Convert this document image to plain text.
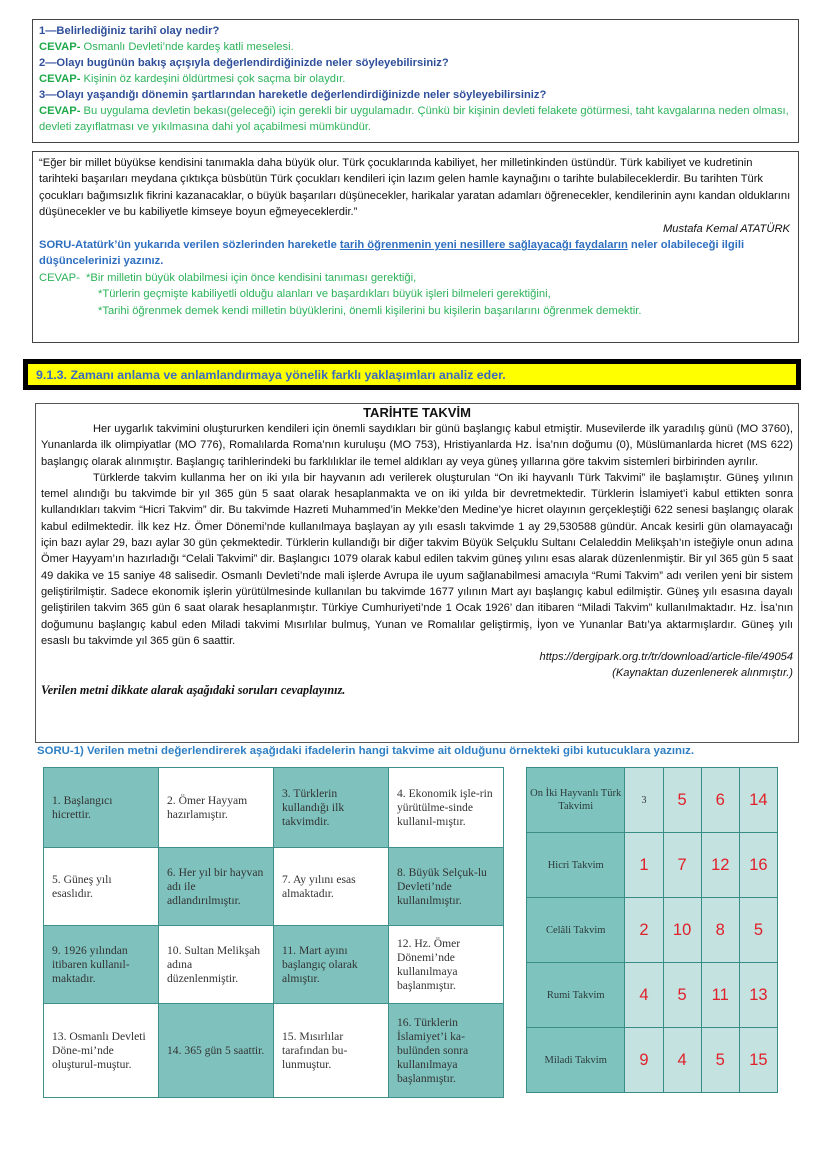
1—Belirlediğiniz tarihî olay nedir?
CEVAP- Osmanlı Devleti’nde kardeş katli meselesi.
2—Olayı bugünün bakış açışıyla değerlendirdiğinizde neler söyleyebilirsiniz?
CEVAP- Kişinin öz kardeşini öldürtmesi çok saçma bir olaydır.
3—Olayı yaşandığı dönemin şartlarından hareketle değerlendirdiğinizde neler söyleyebilirsiniz?
CEVAP- Bu uygulama devletin bekası(geleceği) için gerekli bir uygulamadır. Çünkü bir kişinin devleti felakete götürmesi, taht kavgalarına neden olması, devleti zayıflatması ve yıkılmasına dahi yol açabilmesi mümkündür.
“Eğer bir millet büyükse kendisini tanımakla daha büyük olur. Türk çocuklarında kabiliyet, her milletinkinden üstündür. Türk kabiliyet ve kudretinin tarihteki başarıları meydana çıktıkça büsbütün Türk çocukları kendileri için lazım gelen hamle kaynağını o tarihte bulabileceklerdir. Bu tarihten Türk çocukları bağımsızlık fikrini kazanacaklar, o büyük başarıları düşünecekler, harikalar yaratan adamları öğrenecekler, kendilerinin aynı kandan olduklarını düşünecekler ve bu kabiliyetle kimseye boyun eğmeyeceklerdir.”
Mustafa Kemal ATATÜRK
SORU-Atatürk’ün yukarıda verilen sözlerinden hareketle tarih öğrenmenin yeni nesillere sağlayacağı faydaların neler olabileceği ilgili düşüncelerinizi yazınız.
CEVAP- *Bir milletin büyük olabilmesi için önce kendisini tanıması gerektiği,
*Türlerin geçmişte kabiliyetli olduğu alanları ve başardıkları büyük işleri bilmeleri gerektiğini,
*Tarihi öğrenmek demek kendi milletin büyüklerini, önemli kişilerini bu kişilerin başarılarını öğrenmek demektir.
9.1.3. Zamanı anlama ve anlamlandırmaya yönelik farklı yaklaşımları analiz eder.
TARİHTE TAKVİM
Her uygarlık takvimini oluştururken kendileri için önemli saydıkları bir günü başlangıç kabul etmiştir. Musevilerde ilk yaradılış günü (MO 3760), Yunanlarda ilk olimpiyatlar (MO 776), Romalılarda Roma’nın kuruluşu (MO 753), Hristiyanlarda Hz. İsa’nın doğumu (0), Müslümanlarda hicret (MS 622) başlangıç olarak alınmıştır. Başlangıç tarihlerindeki bu farklılıklar ile temel aldıkları ay veya güneş yıllarına göre takvim sistemleri birbirinden ayrılır.
Türklerde takvim kullanma her on iki yıla bir hayvanın adı verilerek oluşturulan “On iki hayvanlı Türk Takvimi” ile başlamıştır. Güneş yılının temel alındığı bu takvimde bir yıl 365 gün 5 saat olarak hesaplanmakta ve on iki yılda bir devretmektedir. Türklerin İslamiyet’i kabul ettikten sonra kullandıkları takvim “Hicri Takvim” dir. Bu takvimde Hazreti Muhammed’in Mekke’den Medine’ye hicret olayının gerçekleştiği 622 senesi başlangıç olarak kabul edilmektedir. İlk kez Hz. Ömer Dönemi’nde kullanılmaya başlayan ay yılı esaslı takvimde 1 ay 29,530588 gündür. Ancak kesirli gün olamayacağı için bazı aylar 29, bazı aylar 30 gün çekmektedir. Türklerin kullandığı bir diğer takvim Büyük Selçuklu Sultanı Celaleddin Melikşah’ın isteğiyle onun adına Ömer Hayyam’ın hazırladığı “Celali Takvimi” dir. Başlangıcı 1079 olarak kabul edilen takvim güneş yılını esas alarak düzenlenmiştir. Bir yıl 365 gün 5 saat 49 dakika ve 15 saniye 48 salisedir. Osmanlı Devleti’nde mali işlerde Avrupa ile uyum sağlanabilmesi amacıyla “Rumi Takvim” adı verilen yeni bir sistem geliştirilmiştir. Sadece ekonomik işlerin yürütülmesinde kullanılan bu takvimde 1677 yılının Mart ayı başlangıç kabul edilmiştir. Güneş yılı esasına dayalı geliştirilen takvim 365 gün 6 saat olarak hesaplanmıştır. Türkiye Cumhuriyeti’nde 1 Ocak 1926’ dan itibaren “Miladi Takvim” kullanılmaktadır. Hz. İsa’nın doğumunu başlangıç kabul eden Miladi takvimi Mısırlılar bulmuş, Yunan ve Romalılar geliştirmiş, İyon ve Yunanlar Batı’ya aktarmışlardır. Güneş yılı esaslı bu takvimde yıl 365 gün 6 saattir.
https://dergipark.org.tr/tr/download/article-file/49054
(Kaynaktan duzenlenerek alınmıştır.)
Verilen metni dikkate alarak aşağıdaki soruları cevaplayınız.
SORU-1) Verilen metni değerlendirerek aşağıdaki ifadelerin hangi takvime ait olduğunu örnekteki gibi kutucuklara yazınız.
1. Başlangıcı hicrettir.	2. Ömer Hayyam hazırlamıştır.	3. Türklerin kullandığı ilk takvimdir.	4. Ekonomik işle-rin yürütülme-sinde kullanıl-mıştır.
5. Güneş yılı esaslıdır.	6. Her yıl bir hayvan adı ile adlandırılmıştır.	7. Ay yılını esas almaktadır.	8. Büyük Selçuk-lu Devleti’nde kullanılmıştır.
9. 1926 yılından itibaren kullanıl-maktadır.	10. Sultan Melikşah adına düzenlenmiştir.	11. Mart ayını başlangıç olarak almıştır.	12. Hz. Ömer Dönemi’nde kullanılmaya başlanmıştır.
13. Osmanlı Devleti Döne-mi’nde oluşturul-muştur.	14. 365 gün 5 saattir.	15. Mısırlılar tarafından bu-lunmuştur.	16. Türklerin İslamiyet’i ka-bulünden sonra kullanılmaya başlanmıştır.
On İki Hayvanlı Türk Takvimi	3	5	6	14
Hicri Takvim	1	7	12	16
Celâli Takvim	2	10	8	5
Rumi Takvim	4	5	11	13
Miladi Takvim	9	4	5	15
